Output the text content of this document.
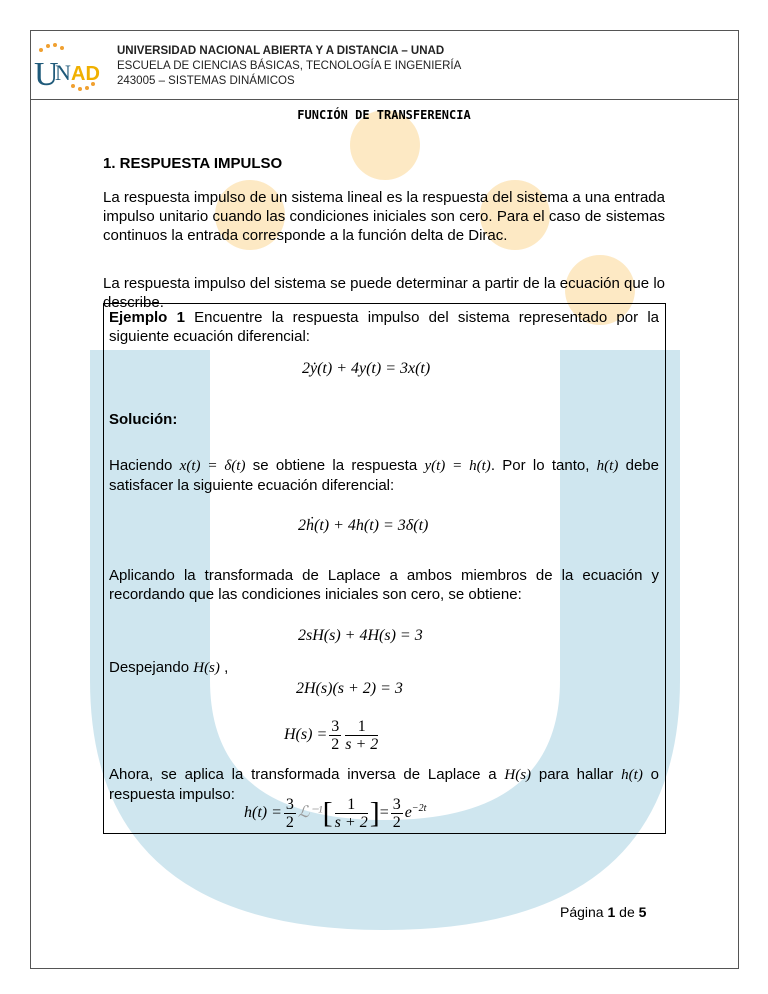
U
N AD
UNIVERSIDAD NACIONAL ABIERTA Y A DISTANCIA – UNAD
ESCUELA DE CIENCIAS BÁSICAS, TECNOLOGÍA E INGENIERÍA
243005 – SISTEMAS DINÁMICOS
FUNCIÓN DE TRANSFERENCIA
1. RESPUESTA IMPULSO
La respuesta impulso de un sistema lineal es la respuesta del sistema a una entrada impulso unitario cuando las condiciones iniciales son cero. Para el caso de sistemas continuos la entrada corresponde a la función delta de Dirac.
La respuesta impulso del sistema se puede determinar a partir de la ecuación que lo describe.
Ejemplo 1 Encuentre la respuesta impulso del sistema representado por la siguiente ecuación diferencial:
2ẏ(t) + 4y(t) = 3x(t)
Solución:
Haciendo x(t) = δ(t) se obtiene la respuesta y(t) = h(t). Por lo tanto, h(t) debe satisfacer la siguiente ecuación diferencial:
2ḣ(t) + 4h(t) = 3δ(t)
Aplicando la transformada de Laplace a ambos miembros de la ecuación y recordando que las condiciones iniciales son cero, se obtiene:
2sH(s) + 4H(s) = 3
Despejando H(s) ,
2H(s)(s + 2) = 3
$H(s) = \frac{3}{2} \frac{1}{s + 2}$
Ahora, se aplica la transformada inversa de Laplace a H(s) para hallar h(t) o respuesta impulso:
$h(t) = \frac{3}{2}$ ℒ⁻¹[ $\frac{1}{s + 2}$ ]= $\frac{3}{2} e^{-2t}$
Página 1 de 5
